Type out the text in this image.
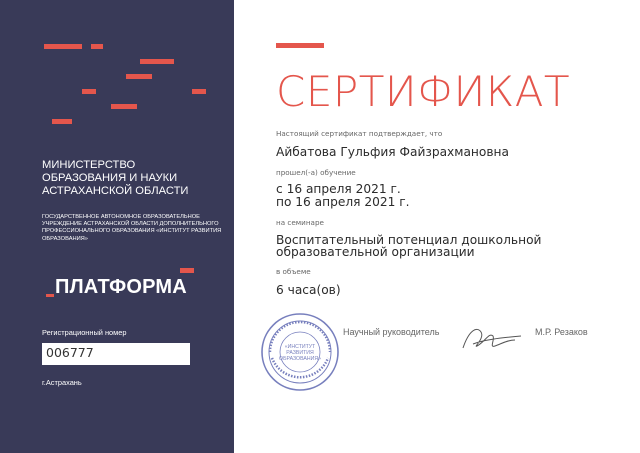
МИНИСТЕРСТВО ОБРАЗОВАНИЯ И НАУКИ АСТРАХАНСКОЙ ОБЛАСТИ
ГОСУДАРСТВЕННОЕ АВТОНОМНОЕ ОБРАЗОВАТЕЛЬНОЕ УЧРЕЖДЕНИЕ АСТРАХАНСКОЙ ОБЛАСТИ ДОПОЛНИТЕЛЬНОГО ПРОФЕССИОНАЛЬНОГО ОБРАЗОВАНИЯ «ИНСТИТУТ РАЗВИТИЯ ОБРАЗОВАНИЯ»
ПЛАТФОРМА
Регистрационный номер
006777
г.Астрахань
СЕРТИФИКАТ
Настоящий сертификат подтверждает, что
Айбатова Гульфия Файзрахмановна
прошел(-а) обучение
с 16 апреля 2021 г.
по 16 апреля 2021 г.
на семинаре
Воспитательный потенциал дошкольной
образовательной организации
в объеме
6 часа(ов)
«ИНСТИТУТ
РАЗВИТИЯ
ОБРАЗОВАНИЯ»
Научный руководитель	М.Р. Резаков
